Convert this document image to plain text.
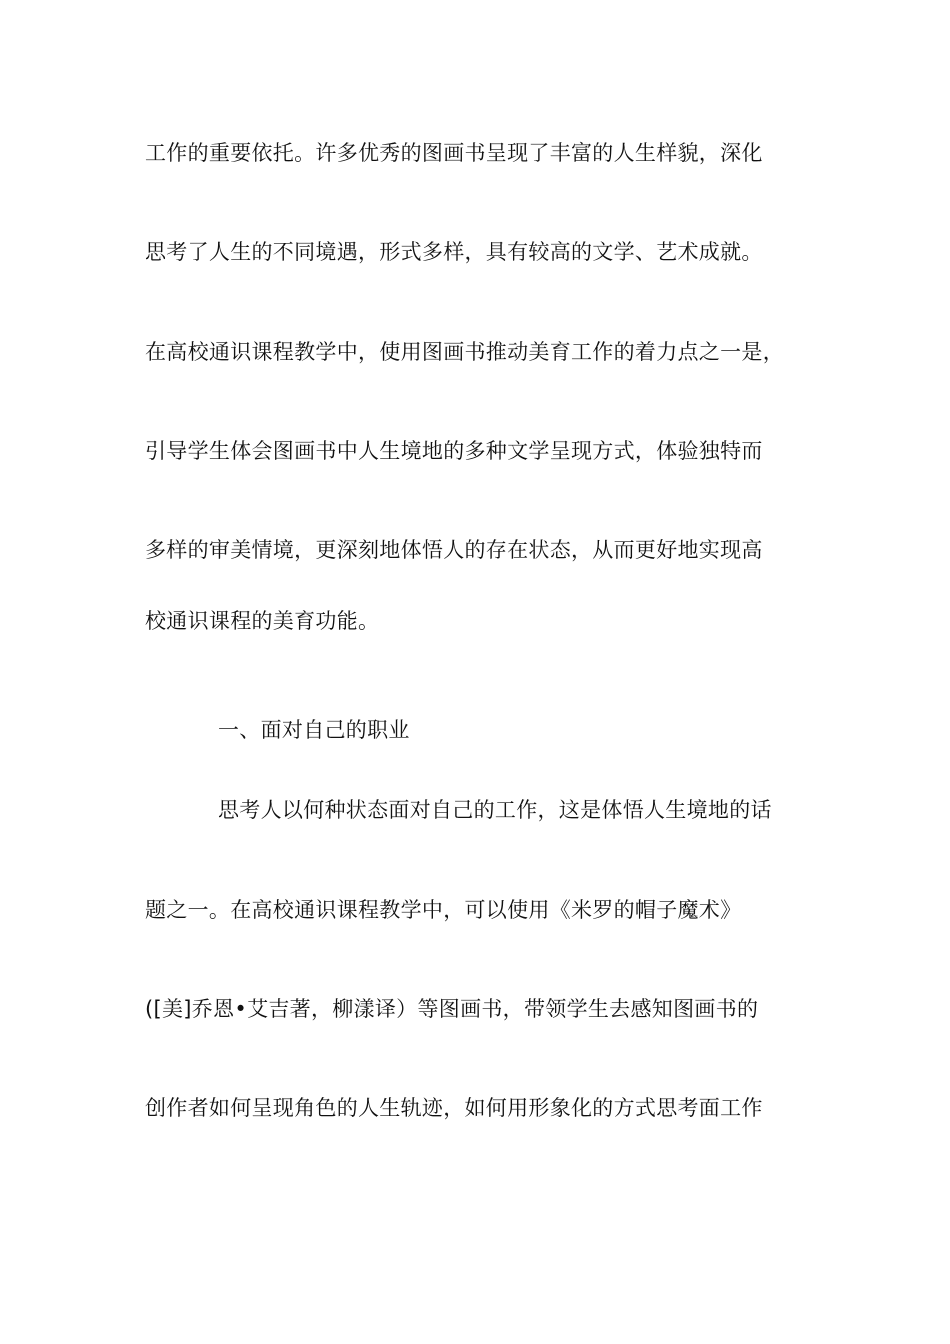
工作的重要依托。许多优秀的图画书呈现了丰富的人生样貌，深化
思考了人生的不同境遇，形式多样，具有较高的文学、艺术成就。
在高校通识课程教学中，使用图画书推动美育工作的着力点之一是，
引导学生体会图画书中人生境地的多种文学呈现方式，体验独特而
多样的审美情境，更深刻地体悟人的存在状态，从而更好地实现高
校通识课程的美育功能。
一、面对自己的职业
思考人以何种状态面对自己的工作，这是体悟人生境地的话
题之一。在高校通识课程教学中，可以使用《米罗的帽子魔术》
([美]乔恩•艾吉著，柳漾译）等图画书，带领学生去感知图画书的
创作者如何呈现角色的人生轨迹，如何用形象化的方式思考面工作
